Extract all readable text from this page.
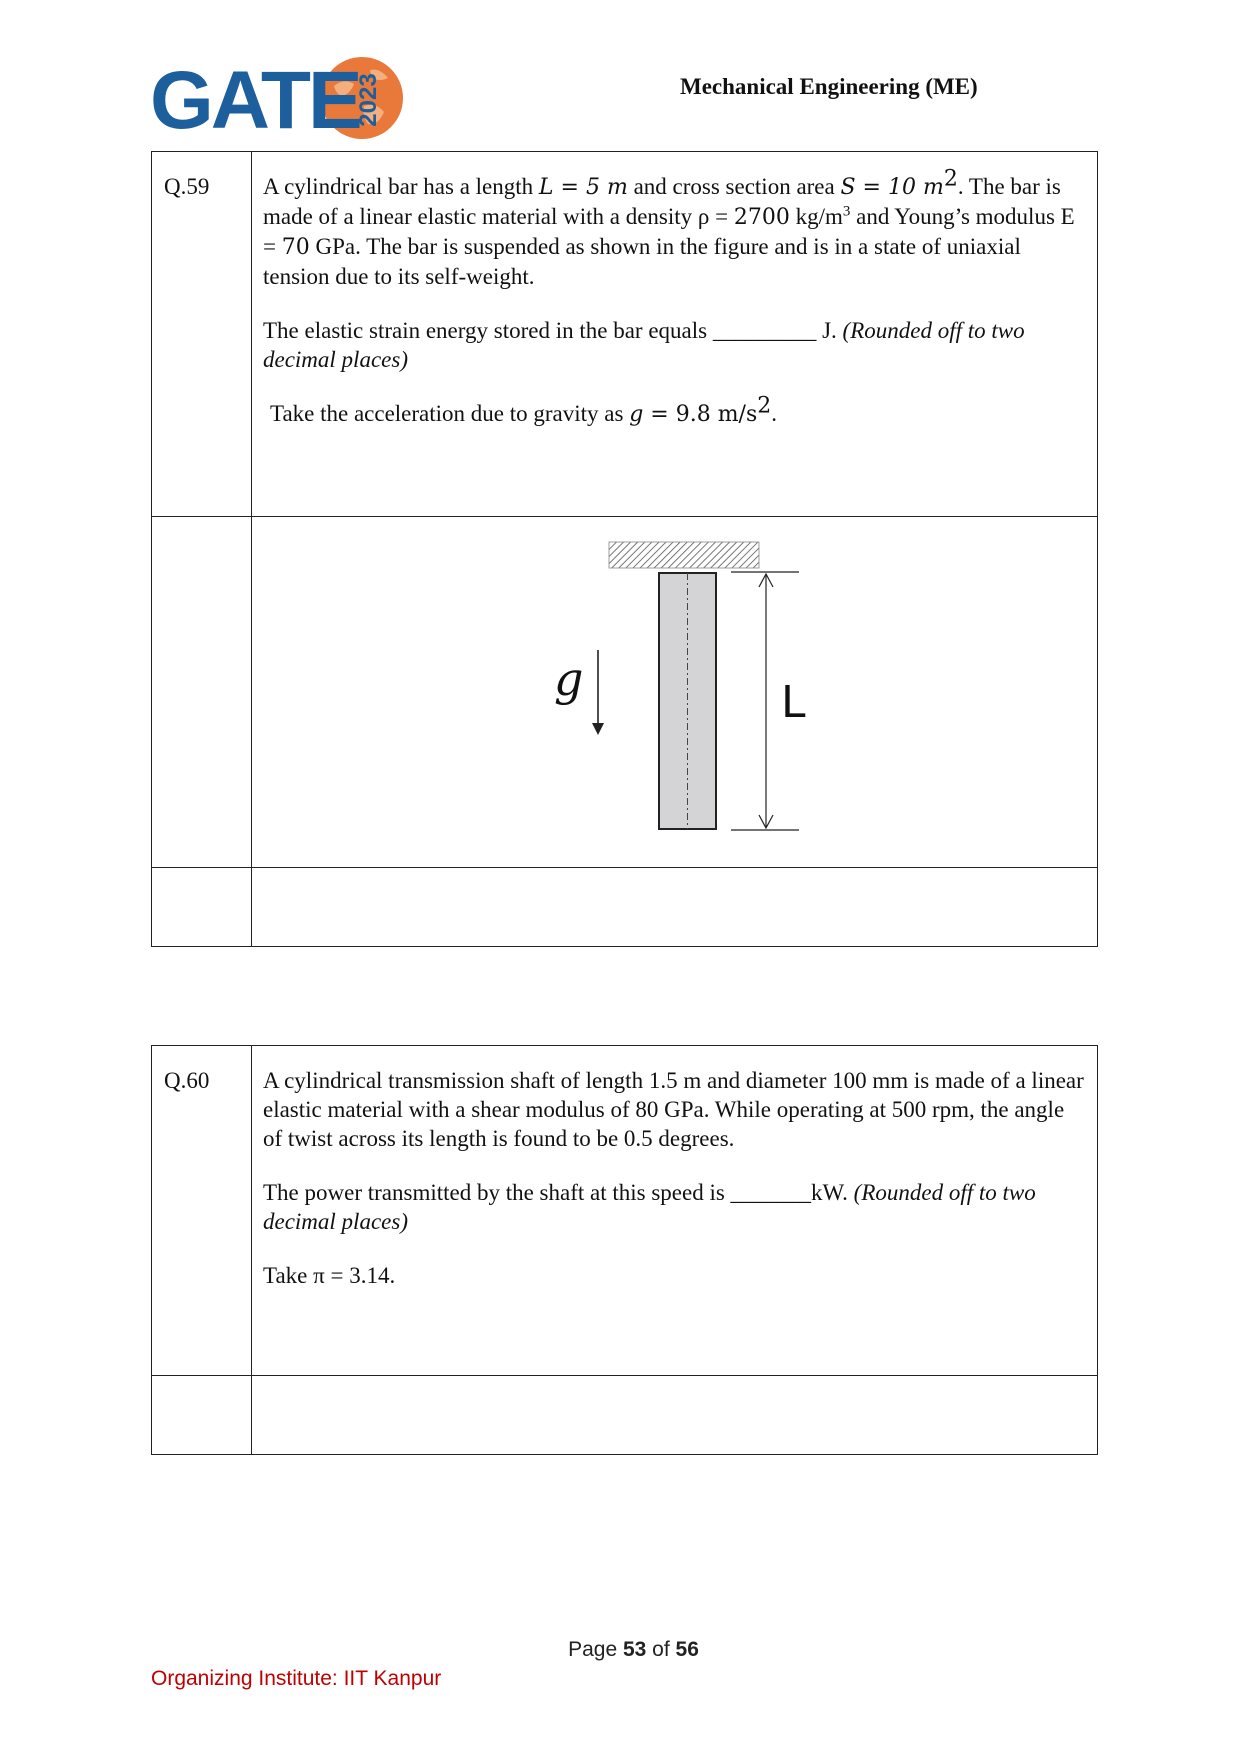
GATE
2023	Mechanical Engineering (ME)
Q.59	A cylindrical bar has a length L = 5 m and cross section area S = 10 $m^2$. The bar is made of a linear elastic material with a density ρ = 2700 $kg/m^3$ and Young’s modulus E = 70 GPa. The bar is suspended as shown in the figure and is in a state of uniaxial tension due to its self-weight.

The elastic strain energy stored in the bar equals _________ J. (Rounded off to two decimal places)

Take the acceleration due to gravity as g = 9.8 $m/s^2$.

g L

Q.60	A cylindrical transmission shaft of length 1.5 m and diameter 100 mm is made of a linear elastic material with a shear modulus of 80 GPa. While operating at 500 rpm, the angle of twist across its length is found to be 0.5 degrees.

The power transmitted by the shaft at this speed is _______kW. (Rounded off to two decimal places)

Take π = 3.14.

Page 53 of 56
Organizing Institute: IIT Kanpur
